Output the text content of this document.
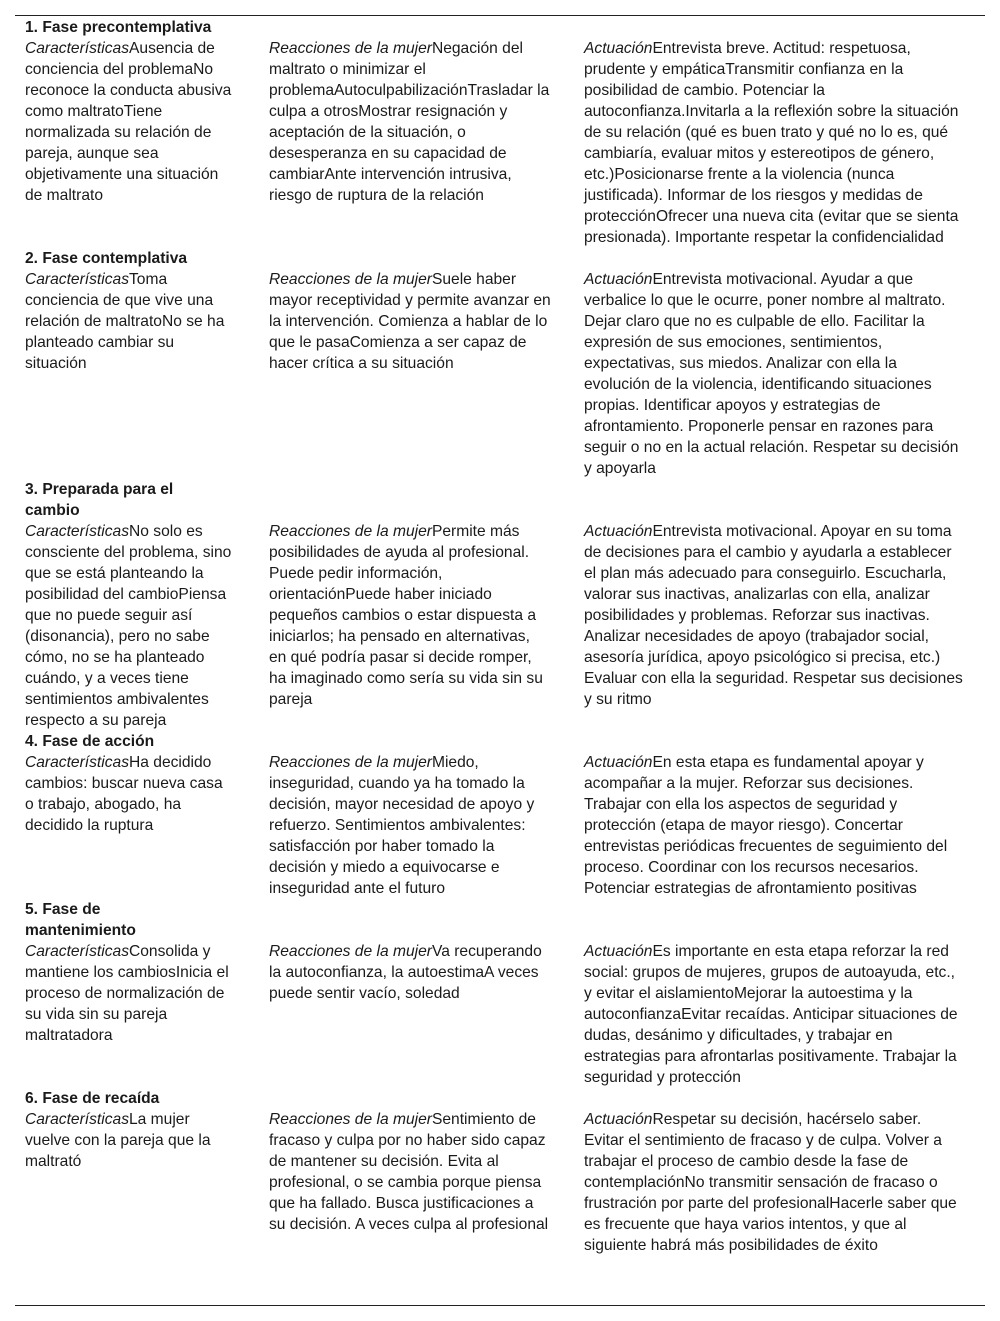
1. Fase precontemplativa

CaracterísticasAusencia de conciencia del problemaNo reconoce la conducta abusiva como maltratoTiene normalizada su relación de pareja, aunque sea objetivamente una situación de maltrato

Reacciones de la mujerNegación del maltrato o minimizar el problemaAutoculpabilizaciónTrasladar la culpa a otrosMostrar resignación y aceptación de la situación, o desesperanza en su capacidad de cambiarAnte intervención intrusiva, riesgo de ruptura de la relación

ActuaciónEntrevista breve. Actitud: respetuosa, prudente y empáticaTransmitir confianza en la posibilidad de cambio. Potenciar la autoconfianza.Invitarla a la reflexión sobre la situación de su relación (qué es buen trato y qué no lo es, qué cambiaría, evaluar mitos y estereotipos de género, etc.)Posicionarse frente a la violencia (nunca justificada). Informar de los riesgos y medidas de protecciónOfrecer una nueva cita (evitar que se sienta presionada). Importante respetar la confidencialidad

2. Fase contemplativa

CaracterísticasToma conciencia de que vive una relación de maltratoNo se ha planteado cambiar su situación

Reacciones de la mujerSuele haber mayor receptividad y permite avanzar en la intervención. Comienza a hablar de lo que le pasaComienza a ser capaz de hacer crítica a su situación

ActuaciónEntrevista motivacional. Ayudar a que verbalice lo que le ocurre, poner nombre al maltrato. Dejar claro que no es culpable de ello. Facilitar la expresión de sus emociones, sentimientos, expectativas, sus miedos. Analizar con ella la evolución de la violencia, identificando situaciones propias. Identificar apoyos y estrategias de afrontamiento. Proponerle pensar en razones para seguir o no en la actual relación. Respetar su decisión y apoyarla

3. Preparada para el cambio

CaracterísticasNo solo es consciente del problema, sino que se está planteando la posibilidad del cambioPiensa que no puede seguir así (disonancia), pero no sabe cómo, no se ha planteado cuándo, y a veces tiene sentimientos ambivalentes respecto a su pareja

Reacciones de la mujerPermite más posibilidades de ayuda al profesional. Puede pedir información, orientaciónPuede haber iniciado pequeños cambios o estar dispuesta a iniciarlos; ha pensado en alternativas, en qué podría pasar si decide romper, ha imaginado como sería su vida sin su pareja

ActuaciónEntrevista motivacional. Apoyar en su toma de decisiones para el cambio y ayudarla a establecer el plan más adecuado para conseguirlo. Escucharla, valorar sus inactivas, analizarlas con ella, analizar posibilidades y problemas. Reforzar sus inactivas. Analizar necesidades de apoyo (trabajador social, asesoría jurídica, apoyo psicológico si precisa, etc.) Evaluar con ella la seguridad. Respetar sus decisiones y su ritmo

4. Fase de acción

CaracterísticasHa decidido cambios: buscar nueva casa o trabajo, abogado, ha decidido la ruptura

Reacciones de la mujerMiedo, inseguridad, cuando ya ha tomado la decisión, mayor necesidad de apoyo y refuerzo. Sentimientos ambivalentes: satisfacción por haber tomado la decisión y miedo a equivocarse e inseguridad ante el futuro

ActuaciónEn esta etapa es fundamental apoyar y acompañar a la mujer. Reforzar sus decisiones. Trabajar con ella los aspectos de seguridad y protección (etapa de mayor riesgo). Concertar entrevistas periódicas frecuentes de seguimiento del proceso. Coordinar con los recursos necesarios. Potenciar estrategias de afrontamiento positivas

5. Fase de mantenimiento

CaracterísticasConsolida y mantiene los cambiosInicia el proceso de normalización de su vida sin su pareja maltratadora

Reacciones de la mujerVa recuperando la autoconfianza, la autoestimaA veces puede sentir vacío, soledad

ActuaciónEs importante en esta etapa reforzar la red social: grupos de mujeres, grupos de autoayuda, etc., y evitar el aislamientoMejorar la autoestima y la autoconfianzaEvitar recaídas. Anticipar situaciones de dudas, desánimo y dificultades, y trabajar en estrategias para afrontarlas positivamente. Trabajar la seguridad y protección

6. Fase de recaída

CaracterísticasLa mujer vuelve con la pareja que la maltrató

Reacciones de la mujerSentimiento de fracaso y culpa por no haber sido capaz de mantener su decisión. Evita al profesional, o se cambia porque piensa que ha fallado. Busca justificaciones a su decisión. A veces culpa al profesional

ActuaciónRespetar su decisión, hacérselo saber. Evitar el sentimiento de fracaso y de culpa. Volver a trabajar el proceso de cambio desde la fase de contemplaciónNo transmitir sensación de fracaso o frustración por parte del profesionalHacerle saber que es frecuente que haya varios intentos, y que al siguiente habrá más posibilidades de éxito
